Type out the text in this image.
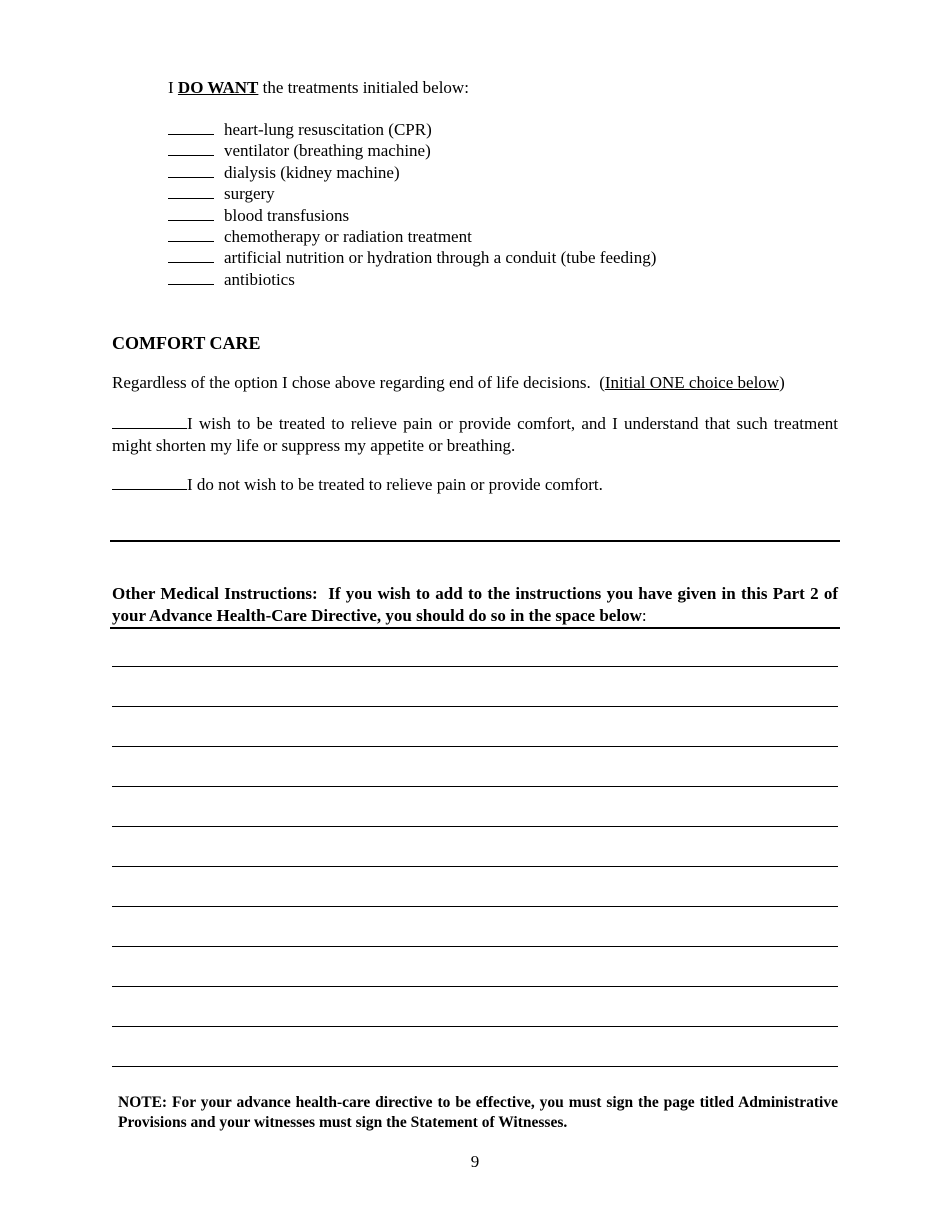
I DO WANT the treatments initialed below:
heart-lung resuscitation (CPR)
ventilator (breathing machine)
dialysis (kidney machine)
surgery
blood transfusions
chemotherapy or radiation treatment
artificial nutrition or hydration through a conduit (tube feeding)
antibiotics
COMFORT CARE
Regardless of the option I chose above regarding end of life decisions. (Initial ONE choice below)
I wish to be treated to relieve pain or provide comfort, and I understand that such treatment might shorten my life or suppress my appetite or breathing.
I do not wish to be treated to relieve pain or provide comfort.
Other Medical Instructions: If you wish to add to the instructions you have given in this Part 2 of your Advance Health-Care Directive, you should do so in the space below:
NOTE: For your advance health-care directive to be effective, you must sign the page titled Administrative Provisions and your witnesses must sign the Statement of Witnesses.
9
